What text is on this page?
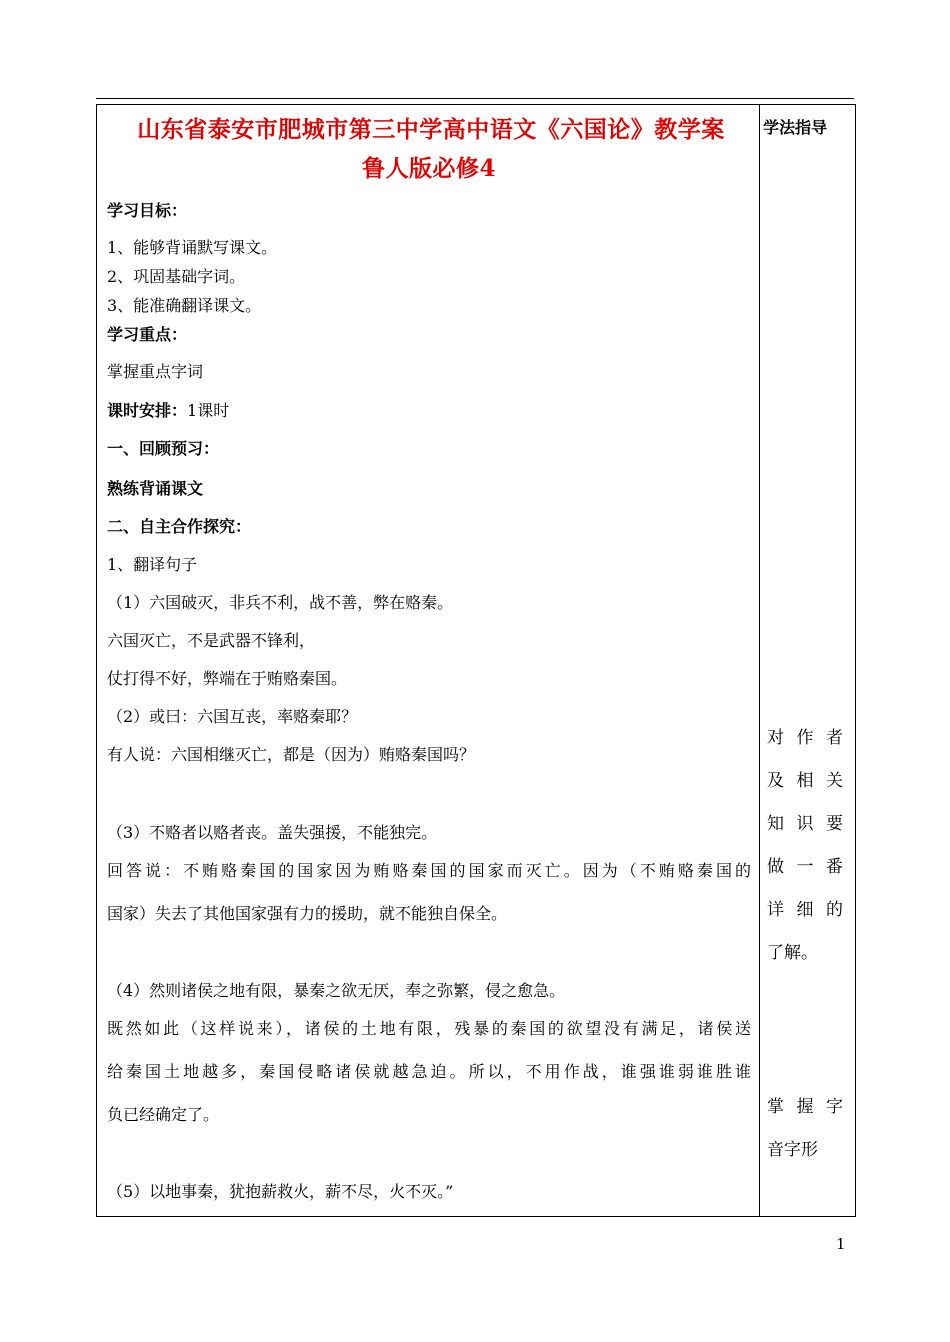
山东省泰安市肥城市第三中学高中语文《六国论》教学案
鲁人版必修4
学习目标：
1、能够背诵默写课文。
2、巩固基础字词。
3、能准确翻译课文。
学习重点：
掌握重点字词
课时安排：1课时
一、回顾预习：
熟练背诵课文
二、自主合作探究：
1、翻译句子
（1）六国破灭，非兵不利，战不善，弊在赂秦。
六国灭亡，不是武器不锋利，
仗打得不好，弊端在于贿赂秦国。
（2）或曰：六国互丧，率赂秦耶？
有人说：六国相继灭亡，都是（因为）贿赂秦国吗？
（3）不赂者以赂者丧。盖失强援，不能独完。
回答说：不贿赂秦国的国家因为贿赂秦国的国家而灭亡。因为（不贿赂秦国的
国家）失去了其他国家强有力的援助，就不能独自保全。
（4）然则诸侯之地有限，暴秦之欲无厌，奉之弥繁，侵之愈急。
既然如此（这样说来），诸侯的土地有限，残暴的秦国的欲望没有满足，诸侯送
给秦国土地越多，秦国侵略诸侯就越急迫。所以，不用作战，谁强谁弱谁胜谁
负已经确定了。
（5）以地事秦，犹抱薪救火，薪不尽，火不灭。”
学法指导
对作者
及相关
知识要
做一番
详细的
了解。
掌握字
音字形
1
